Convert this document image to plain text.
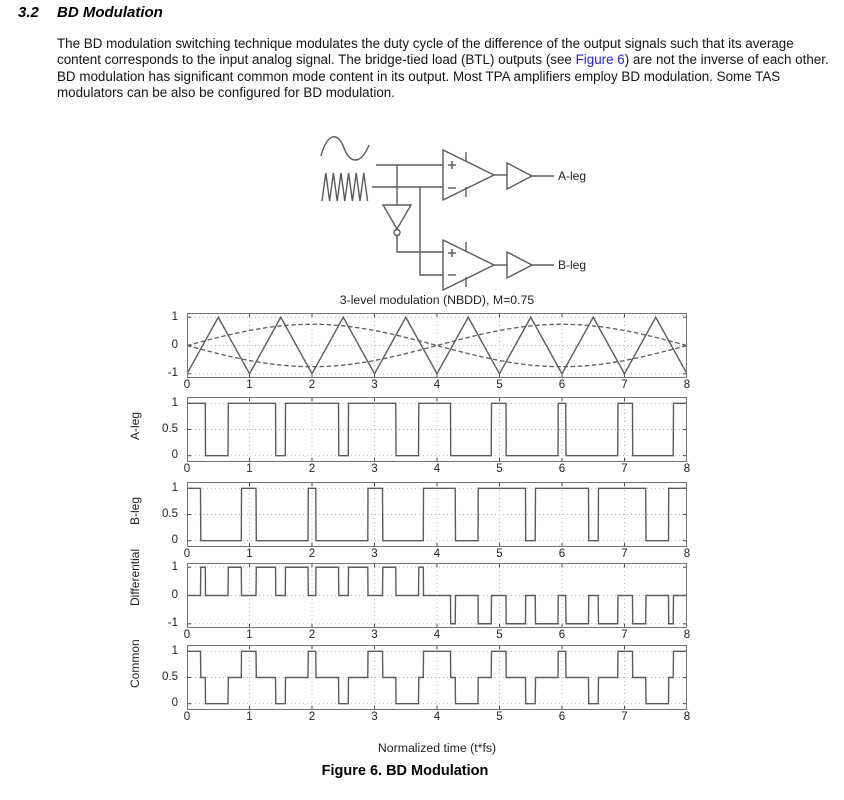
3.2 BD Modulation

The BD modulation switching technique modulates the duty cycle of the difference of the output signals such that its average content corresponds to the input analog signal. The bridge-tied load (BTL) outputs (see Figure 6) are not the inverse of each other. BD modulation has significant common mode content in its output. Most TPA amplifiers employ BD modulation. Some TAS modulators can be also be configured for BD modulation.

A-leg
B-leg
3-level modulation (NBDD), M=0.75
1
0
-1
0	1	2	3	4	5	6	7	8
A-leg
1
0.5
0
0	1	2	3	4	5	6	7	8
B-leg
1
0.5
0
0	1	2	3	4	5	6	7	8
Differential	1
0
-1
0	1	2	3	4	5	6	7	8
Common	1
0.5
0
0	1	2	3	4	5	6	7	8
Normalized time (t*fs)
Figure 6. BD Modulation
